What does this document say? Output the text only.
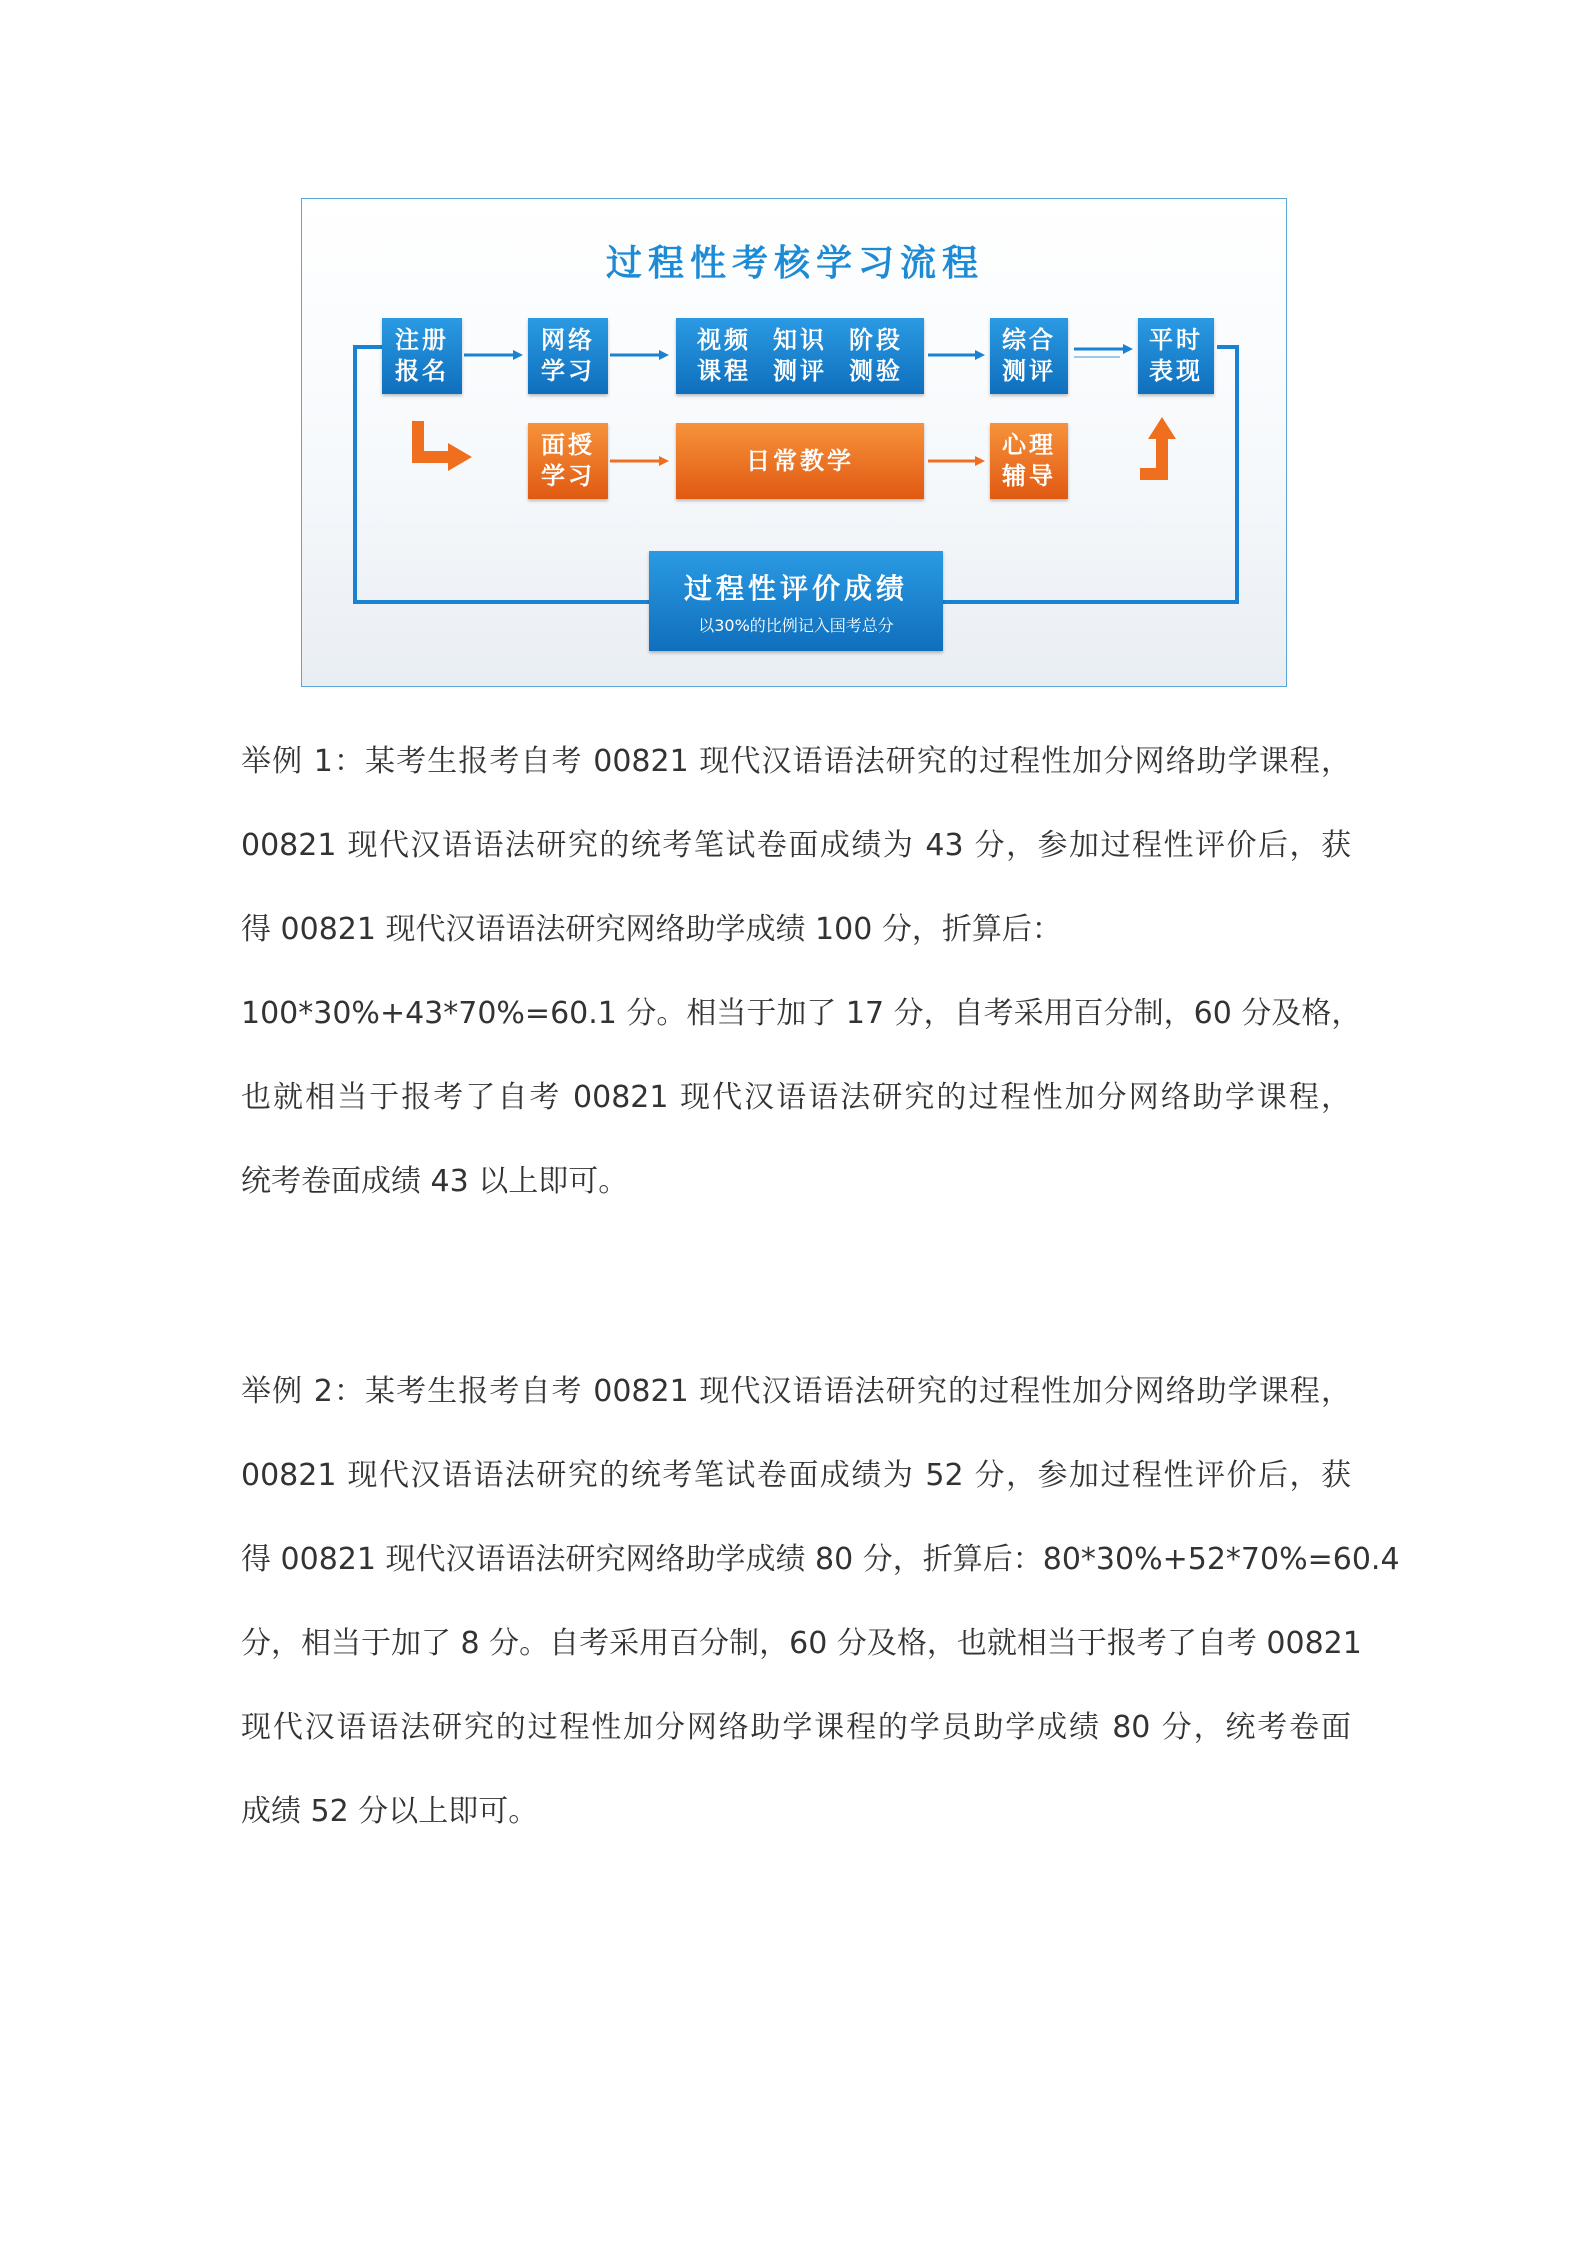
过程性考核学习流程
注册
报名
网络
学习
视频
课程
知识
测评
阶段
测验
综合
测评
平时
表现
面授
学习
日常教学
心理
辅导
过程性评价成绩
以30%的比例记入国考总分
举例 1：某考生报考自考 00821 现代汉语语法研究的过程性加分网络助学课程，
00821 现代汉语语法研究的统考笔试卷面成绩为 43 分，参加过程性评价后，获
得 00821 现代汉语语法研究网络助学成绩 100 分，折算后：
100*30%+43*70%=60.1 分。相当于加了 17 分，自考采用百分制，60 分及格，
也就相当于报考了自考 00821 现代汉语语法研究的过程性加分网络助学课程，
统考卷面成绩 43 以上即可。
举例 2：某考生报考自考 00821 现代汉语语法研究的过程性加分网络助学课程，
00821 现代汉语语法研究的统考笔试卷面成绩为 52 分，参加过程性评价后，获
得 00821 现代汉语语法研究网络助学成绩 80 分，折算后：80*30%+52*70%=60.4
分，相当于加了 8 分。自考采用百分制，60 分及格，也就相当于报考了自考 00821
现代汉语语法研究的过程性加分网络助学课程的学员助学成绩 80 分，统考卷面
成绩 52 分以上即可。
